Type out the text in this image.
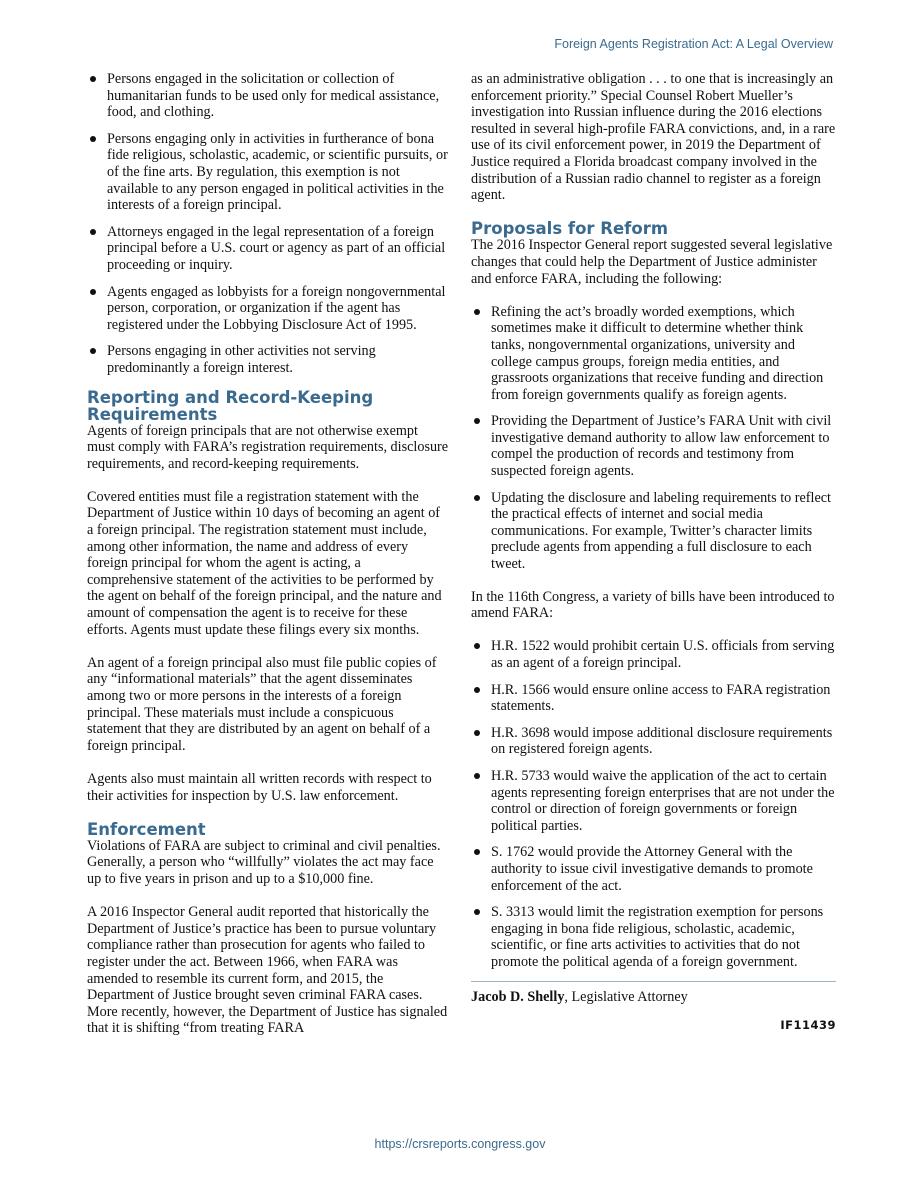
Foreign Agents Registration Act: A Legal Overview
Persons engaged in the solicitation or collection of humanitarian funds to be used only for medical assistance, food, and clothing.
Persons engaging only in activities in furtherance of bona fide religious, scholastic, academic, or scientific pursuits, or of the fine arts. By regulation, this exemption is not available to any person engaged in political activities in the interests of a foreign principal.
Attorneys engaged in the legal representation of a foreign principal before a U.S. court or agency as part of an official proceeding or inquiry.
Agents engaged as lobbyists for a foreign nongovernmental person, corporation, or organization if the agent has registered under the Lobbying Disclosure Act of 1995.
Persons engaging in other activities not serving predominantly a foreign interest.
Reporting and Record-Keeping Requirements

Agents of foreign principals that are not otherwise exempt must comply with FARA’s registration requirements, disclosure requirements, and record-keeping requirements.

Covered entities must file a registration statement with the Department of Justice within 10 days of becoming an agent of a foreign principal. The registration statement must include, among other information, the name and address of every foreign principal for whom the agent is acting, a comprehensive statement of the activities to be performed by the agent on behalf of the foreign principal, and the nature and amount of compensation the agent is to receive for these efforts. Agents must update these filings every six months.

An agent of a foreign principal also must file public copies of any “informational materials” that the agent disseminates among two or more persons in the interests of a foreign principal. These materials must include a conspicuous statement that they are distributed by an agent on behalf of a foreign principal.

Agents also must maintain all written records with respect to their activities for inspection by U.S. law enforcement.

Enforcement

Violations of FARA are subject to criminal and civil penalties. Generally, a person who “willfully” violates the act may face up to five years in prison and up to a $10,000 fine.

A 2016 Inspector General audit reported that historically the Department of Justice’s practice has been to pursue voluntary compliance rather than prosecution for agents who failed to register under the act. Between 1966, when FARA was amended to resemble its current form, and 2015, the Department of Justice brought seven criminal FARA cases. More recently, however, the Department of Justice has signaled that it is shifting “from treating FARA

as an administrative obligation . . . to one that is increasingly an enforcement priority.” Special Counsel Robert Mueller’s investigation into Russian influence during the 2016 elections resulted in several high-profile FARA convictions, and, in a rare use of its civil enforcement power, in 2019 the Department of Justice required a Florida broadcast company involved in the distribution of a Russian radio channel to register as a foreign agent.

Proposals for Reform

The 2016 Inspector General report suggested several legislative changes that could help the Department of Justice administer and enforce FARA, including the following:

Refining the act’s broadly worded exemptions, which sometimes make it difficult to determine whether think tanks, nongovernmental organizations, university and college campus groups, foreign media entities, and grassroots organizations that receive funding and direction from foreign governments qualify as foreign agents.
Providing the Department of Justice’s FARA Unit with civil investigative demand authority to allow law enforcement to compel the production of records and testimony from suspected foreign agents.
Updating the disclosure and labeling requirements to reflect the practical effects of internet and social media communications. For example, Twitter’s character limits preclude agents from appending a full disclosure to each tweet.

In the 116th Congress, a variety of bills have been introduced to amend FARA:

H.R. 1522 would prohibit certain U.S. officials from serving as an agent of a foreign principal.
H.R. 1566 would ensure online access to FARA registration statements.
H.R. 3698 would impose additional disclosure requirements on registered foreign agents.
H.R. 5733 would waive the application of the act to certain agents representing foreign enterprises that are not under the control or direction of foreign governments or foreign political parties.
S. 1762 would provide the Attorney General with the authority to issue civil investigative demands to promote enforcement of the act.
S. 3313 would limit the registration exemption for persons engaging in bona fide religious, scholastic, academic, scientific, or fine arts activities to activities that do not promote the political agenda of a foreign government.
Jacob D. Shelly, Legislative Attorney
IF11439
https://crsreports.congress.gov
